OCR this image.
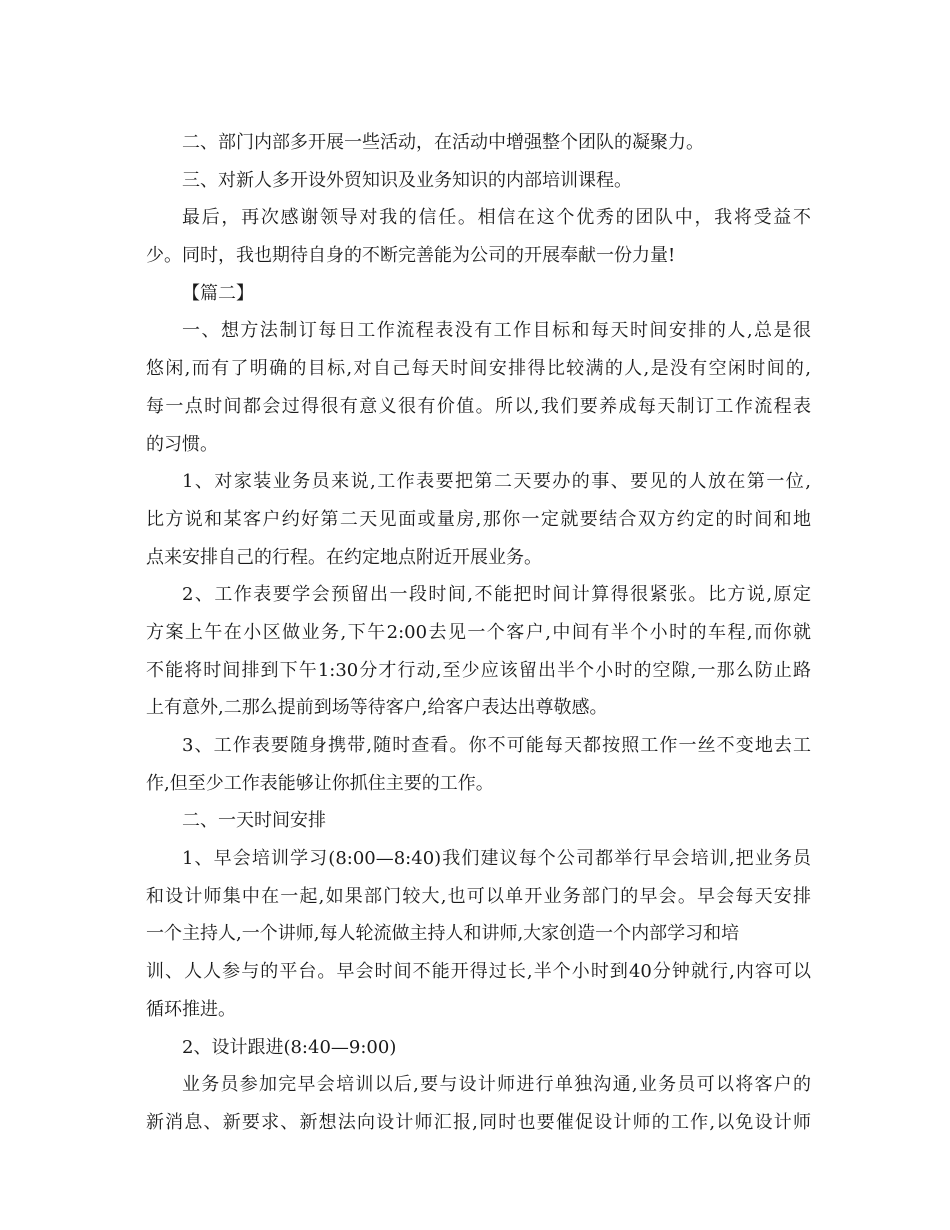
二、部门内部多开展一些活动，在活动中增强整个团队的凝聚力。
三、对新人多开设外贸知识及业务知识的内部培训课程。
最后，再次感谢领导对我的信任。相信在这个优秀的团队中，我将受益不
少。同时，我也期待自身的不断完善能为公司的开展奉献一份力量!
【篇二】
一、想方法制订每日工作流程表没有工作目标和每天时间安排的人,总是很
悠闲,而有了明确的目标,对自己每天时间安排得比较满的人,是没有空闲时间的,
每一点时间都会过得很有意义很有价值。所以,我们要养成每天制订工作流程表
的习惯。
1、对家装业务员来说,工作表要把第二天要办的事、要见的人放在第一位,
比方说和某客户约好第二天见面或量房,那你一定就要结合双方约定的时间和地
点来安排自己的行程。在约定地点附近开展业务。
2、工作表要学会预留出一段时间,不能把时间计算得很紧张。比方说,原定
方案上午在小区做业务,下午2:00去见一个客户,中间有半个小时的车程,而你就
不能将时间排到下午1:30分才行动,至少应该留出半个小时的空隙,一那么防止路
上有意外,二那么提前到场等待客户,给客户表达出尊敬感。
3、工作表要随身携带,随时查看。你不可能每天都按照工作一丝不变地去工
作,但至少工作表能够让你抓住主要的工作。
二、一天时间安排
1、早会培训学习(8:00—8:40)我们建议每个公司都举行早会培训,把业务员
和设计师集中在一起,如果部门较大,也可以单开业务部门的早会。早会每天安排
一个主持人,一个讲师,每人轮流做主持人和讲师,大家创造一个内部学习和培
训、人人参与的平台。早会时间不能开得过长,半个小时到40分钟就行,内容可以
循环推进。
2、设计跟进(8:40—9:00)
业务员参加完早会培训以后,要与设计师进行单独沟通,业务员可以将客户的
新消息、新要求、新想法向设计师汇报,同时也要催促设计师的工作,以免设计师
